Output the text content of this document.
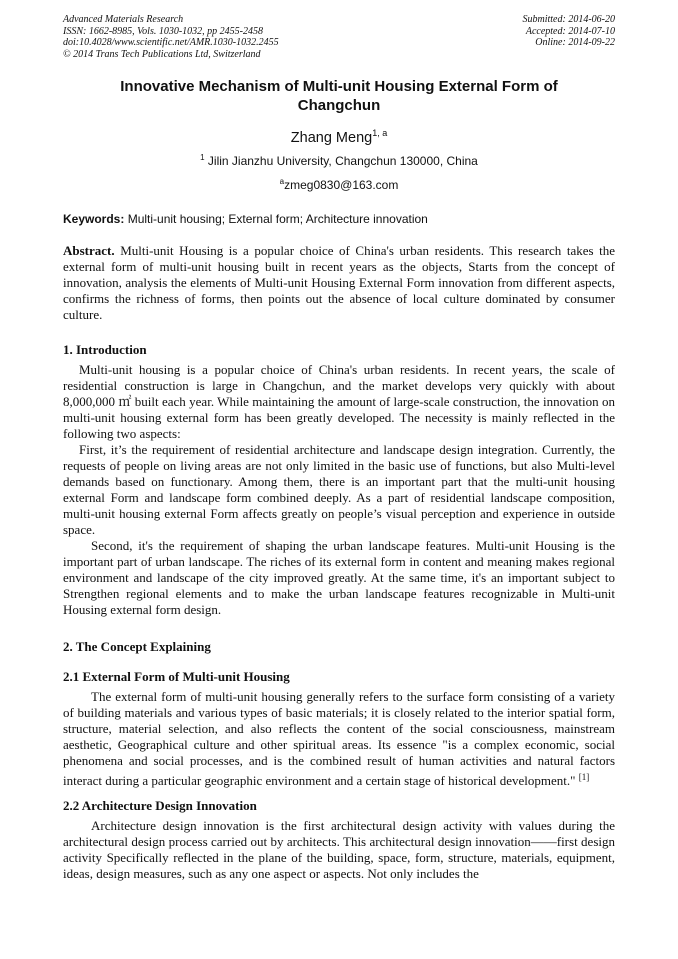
Advanced Materials Research
ISSN: 1662-8985, Vols. 1030-1032, pp 2455-2458
doi:10.4028/www.scientific.net/AMR.1030-1032.2455
© 2014 Trans Tech Publications Ltd, Switzerland
Submitted: 2014-06-20
Accepted: 2014-07-10
Online: 2014-09-22
Innovative Mechanism of Multi-unit Housing External Form of Changchun
Zhang Meng$^{1, a}$
$^1$ Jilin Jianzhu University, Changchun 130000, China
$^a$zmeg0830@163.com
Keywords: Multi-unit housing; External form; Architecture innovation

Abstract. Multi-unit Housing is a popular choice of China's urban residents. This research takes the external form of multi-unit housing built in recent years as the objects, Starts from the concept of innovation, analysis the elements of Multi-unit Housing External Form innovation from different aspects, confirms the richness of forms, then points out the absence of local culture dominated by consumer culture.

1. Introduction

Multi-unit housing is a popular choice of China's urban residents. In recent years, the scale of residential construction is large in Changchun, and the market develops very quickly with about 8,000,000 ㎡ built each year. While maintaining the amount of large-scale construction, the innovation on multi-unit housing external form has been greatly developed. The necessity is mainly reflected in the following two aspects:

First, it’s the requirement of residential architecture and landscape design integration. Currently, the requests of people on living areas are not only limited in the basic use of functions, but also Multi-level demands based on functionary. Among them, there is an important part that the multi-unit housing external Form and landscape form combined deeply. As a part of residential landscape composition, multi-unit housing external Form affects greatly on people’s visual perception and experience in outside space.

Second, it's the requirement of shaping the urban landscape features. Multi-unit Housing is the important part of urban landscape. The riches of its external form in content and meaning makes regional environment and landscape of the city improved greatly. At the same time, it's an important subject to Strengthen regional elements and to make the urban landscape features recognizable in Multi-unit Housing external form design.

2. The Concept Explaining
2.1 External Form of Multi-unit Housing

The external form of multi-unit housing generally refers to the surface form consisting of a variety of building materials and various types of basic materials; it is closely related to the interior spatial form, structure, material selection, and also reflects the content of the social consciousness, mainstream aesthetic, Geographical culture and other spiritual areas. Its essence "is a complex economic, social phenomena and social processes, and is the combined result of human activities and natural factors interact during a particular geographic environment and a certain stage of historical development." [1]

2.2 Architecture Design Innovation

Architecture design innovation is the first architectural design activity with values during the architectural design process carried out by architects. This architectural design innovation——first design activity Specifically reflected in the plane of the building, space, form, structure, materials, equipment, ideas, design measures, such as any one aspect or aspects. Not only includes the
